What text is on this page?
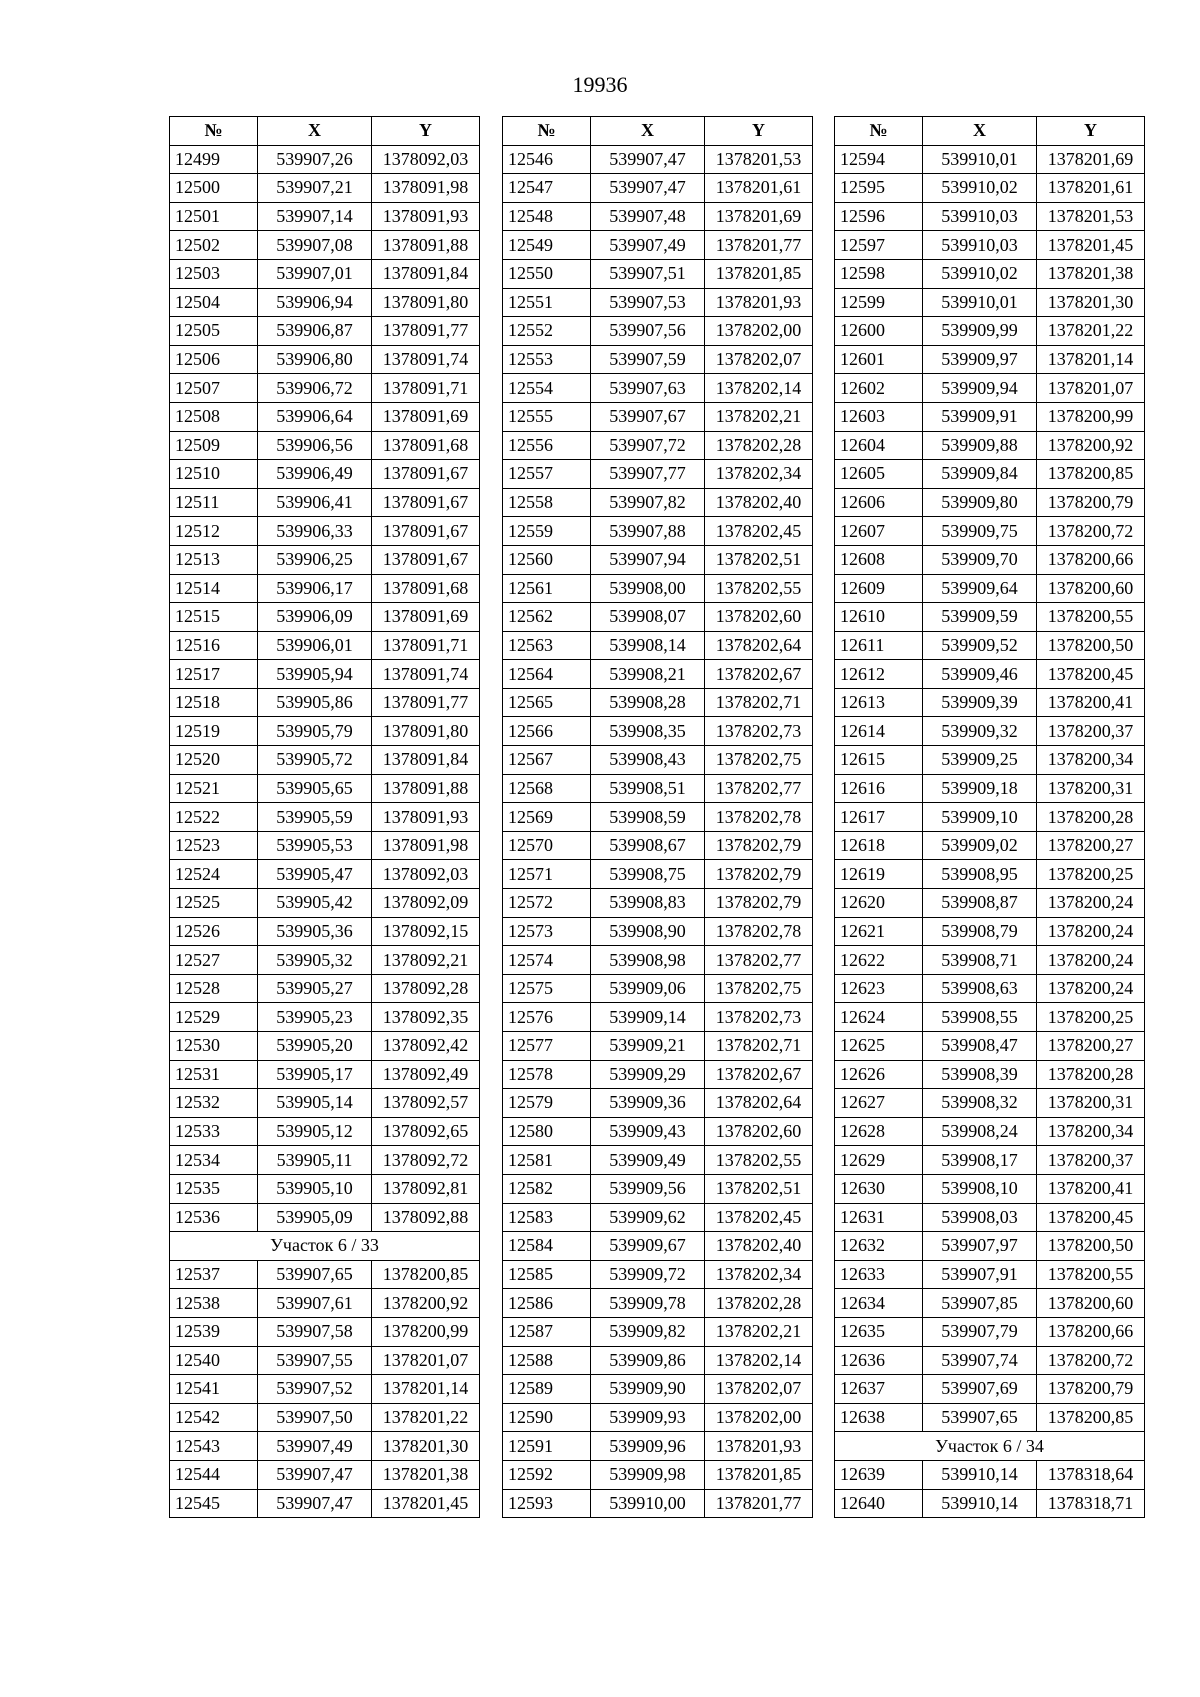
19936
№	X	Y
12499	539907,26	1378092,03
12500	539907,21	1378091,98
12501	539907,14	1378091,93
12502	539907,08	1378091,88
12503	539907,01	1378091,84
12504	539906,94	1378091,80
12505	539906,87	1378091,77
12506	539906,80	1378091,74
12507	539906,72	1378091,71
12508	539906,64	1378091,69
12509	539906,56	1378091,68
12510	539906,49	1378091,67
12511	539906,41	1378091,67
12512	539906,33	1378091,67
12513	539906,25	1378091,67
12514	539906,17	1378091,68
12515	539906,09	1378091,69
12516	539906,01	1378091,71
12517	539905,94	1378091,74
12518	539905,86	1378091,77
12519	539905,79	1378091,80
12520	539905,72	1378091,84
12521	539905,65	1378091,88
12522	539905,59	1378091,93
12523	539905,53	1378091,98
12524	539905,47	1378092,03
12525	539905,42	1378092,09
12526	539905,36	1378092,15
12527	539905,32	1378092,21
12528	539905,27	1378092,28
12529	539905,23	1378092,35
12530	539905,20	1378092,42
12531	539905,17	1378092,49
12532	539905,14	1378092,57
12533	539905,12	1378092,65
12534	539905,11	1378092,72
12535	539905,10	1378092,81
12536	539905,09	1378092,88
Участок 6 / 33		
12537	539907,65	1378200,85
12538	539907,61	1378200,92
12539	539907,58	1378200,99
12540	539907,55	1378201,07
12541	539907,52	1378201,14
12542	539907,50	1378201,22
12543	539907,49	1378201,30
12544	539907,47	1378201,38
12545	539907,47	1378201,45
№	X	Y
12546	539907,47	1378201,53
12547	539907,47	1378201,61
12548	539907,48	1378201,69
12549	539907,49	1378201,77
12550	539907,51	1378201,85
12551	539907,53	1378201,93
12552	539907,56	1378202,00
12553	539907,59	1378202,07
12554	539907,63	1378202,14
12555	539907,67	1378202,21
12556	539907,72	1378202,28
12557	539907,77	1378202,34
12558	539907,82	1378202,40
12559	539907,88	1378202,45
12560	539907,94	1378202,51
12561	539908,00	1378202,55
12562	539908,07	1378202,60
12563	539908,14	1378202,64
12564	539908,21	1378202,67
12565	539908,28	1378202,71
12566	539908,35	1378202,73
12567	539908,43	1378202,75
12568	539908,51	1378202,77
12569	539908,59	1378202,78
12570	539908,67	1378202,79
12571	539908,75	1378202,79
12572	539908,83	1378202,79
12573	539908,90	1378202,78
12574	539908,98	1378202,77
12575	539909,06	1378202,75
12576	539909,14	1378202,73
12577	539909,21	1378202,71
12578	539909,29	1378202,67
12579	539909,36	1378202,64
12580	539909,43	1378202,60
12581	539909,49	1378202,55
12582	539909,56	1378202,51
12583	539909,62	1378202,45
12584	539909,67	1378202,40
12585	539909,72	1378202,34
12586	539909,78	1378202,28
12587	539909,82	1378202,21
12588	539909,86	1378202,14
12589	539909,90	1378202,07
12590	539909,93	1378202,00
12591	539909,96	1378201,93
12592	539909,98	1378201,85
12593	539910,00	1378201,77
№	X	Y
12594	539910,01	1378201,69
12595	539910,02	1378201,61
12596	539910,03	1378201,53
12597	539910,03	1378201,45
12598	539910,02	1378201,38
12599	539910,01	1378201,30
12600	539909,99	1378201,22
12601	539909,97	1378201,14
12602	539909,94	1378201,07
12603	539909,91	1378200,99
12604	539909,88	1378200,92
12605	539909,84	1378200,85
12606	539909,80	1378200,79
12607	539909,75	1378200,72
12608	539909,70	1378200,66
12609	539909,64	1378200,60
12610	539909,59	1378200,55
12611	539909,52	1378200,50
12612	539909,46	1378200,45
12613	539909,39	1378200,41
12614	539909,32	1378200,37
12615	539909,25	1378200,34
12616	539909,18	1378200,31
12617	539909,10	1378200,28
12618	539909,02	1378200,27
12619	539908,95	1378200,25
12620	539908,87	1378200,24
12621	539908,79	1378200,24
12622	539908,71	1378200,24
12623	539908,63	1378200,24
12624	539908,55	1378200,25
12625	539908,47	1378200,27
12626	539908,39	1378200,28
12627	539908,32	1378200,31
12628	539908,24	1378200,34
12629	539908,17	1378200,37
12630	539908,10	1378200,41
12631	539908,03	1378200,45
12632	539907,97	1378200,50
12633	539907,91	1378200,55
12634	539907,85	1378200,60
12635	539907,79	1378200,66
12636	539907,74	1378200,72
12637	539907,69	1378200,79
12638	539907,65	1378200,85
Участок 6 / 34		
12639	539910,14	1378318,64
12640	539910,14	1378318,71
